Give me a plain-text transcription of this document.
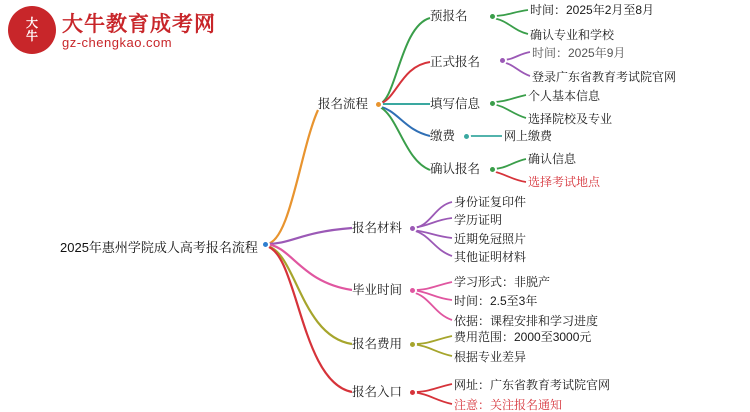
大
牛 大牛教育成考网
gz-chengkao.com
2025年惠州学院成人高考报名流程
报名流程
报名材料
毕业时间
报名费用
报名入口
预报名
正式报名
填写信息
缴费
确认报名
时间：2025年2月至8月
确认专业和学校
时间：2025年9月
登录广东省教育考试院官网
个人基本信息
选择院校及专业
网上缴费
确认信息
选择考试地点
身份证复印件
学历证明
近期免冠照片
其他证明材料
学习形式：非脱产
时间：2.5至3年
依据：课程安排和学习进度
费用范围：2000至3000元
根据专业差异
网址：广东省教育考试院官网
注意：关注报名通知
